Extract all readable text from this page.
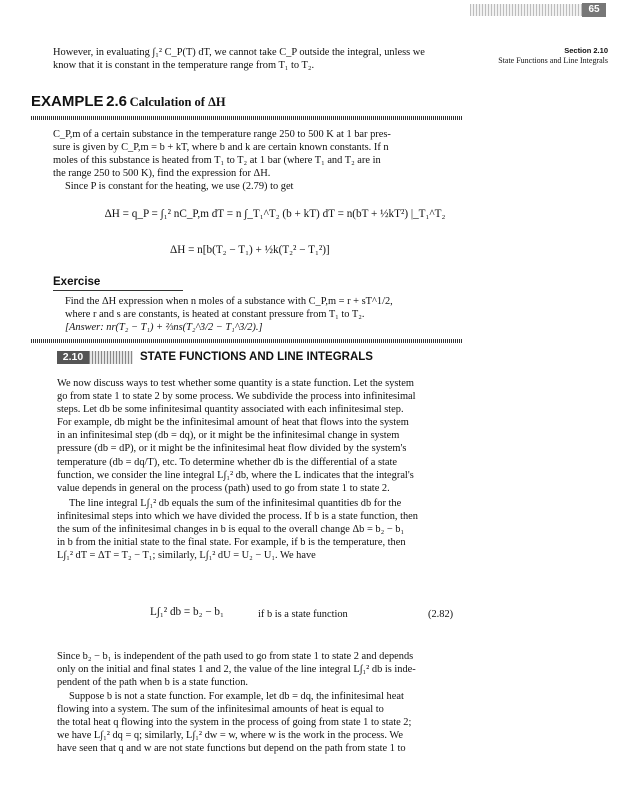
65
Section 2.10
State Functions and Line Integrals

However, in evaluating ∫₁² C_P(T) dT, we cannot take C_P outside the integral, unless we

know that it is constant in the temperature range from T₁ to T₂.

EXAMPLE 2.6 Calculation of ΔH

C_P,m of a certain substance in the temperature range 250 to 500 K at 1 bar pres-

sure is given by C_P,m = b + kT, where b and k are certain known constants. If n

moles of this substance is heated from T₁ to T₂ at 1 bar (where T₁ and T₂ are in

the range 250 to 500 K), find the expression for ΔH.

Since P is constant for the heating, we use (2.79) to get

ΔH = q_P = ∫₁² nC_P,m dT = n ∫_T₁^T₂ (b + kT) dT = n(bT + ½kT²) |_T₁^T₂
ΔH = n[b(T₂ − T₁) + ½k(T₂² − T₁²)]
Exercise

Find the ΔH expression when n moles of a substance with C_P,m = r + sT^1/2,

where r and s are constants, is heated at constant pressure from T₁ to T₂.

[Answer: nr(T₂ − T₁) + ⅔ns(T₂^3/2 − T₁^3/2).]

2.10	STATE FUNCTIONS AND LINE INTEGRALS

We now discuss ways to test whether some quantity is a state function. Let the system

go from state 1 to state 2 by some process. We subdivide the process into infinitesimal

steps. Let db be some infinitesimal quantity associated with each infinitesimal step.

For example, db might be the infinitesimal amount of heat that flows into the system

in an infinitesimal step (db = dq), or it might be the infinitesimal change in system

pressure (db = dP), or it might be the infinitesimal heat flow divided by the system's

temperature (db = dq/T), etc. To determine whether db is the differential of a state

function, we consider the line integral L∫₁² db, where the L indicates that the integral's

value depends in general on the process (path) used to go from state 1 to state 2.

The line integral L∫₁² db equals the sum of the infinitesimal quantities db for the

infinitesimal steps into which we have divided the process. If b is a state function, then

the sum of the infinitesimal changes in b is equal to the overall change Δb = b₂ − b₁

in b from the initial state to the final state. For example, if b is the temperature, then

L∫₁² dT = ΔT = T₂ − T₁; similarly, L∫₁² dU = U₂ − U₁. We have

L∫₁² db = b₂ − b₁	if b is a state function	(2.82)

Since b₂ − b₁ is independent of the path used to go from state 1 to state 2 and depends

only on the initial and final states 1 and 2, the value of the line integral L∫₁² db is inde-

pendent of the path when b is a state function.

Suppose b is not a state function. For example, let db = dq, the infinitesimal heat

flowing into a system. The sum of the infinitesimal amounts of heat is equal to

the total heat q flowing into the system in the process of going from state 1 to state 2;

we have L∫₁² dq = q; similarly, L∫₁² dw = w, where w is the work in the process. We

have seen that q and w are not state functions but depend on the path from state 1 to
